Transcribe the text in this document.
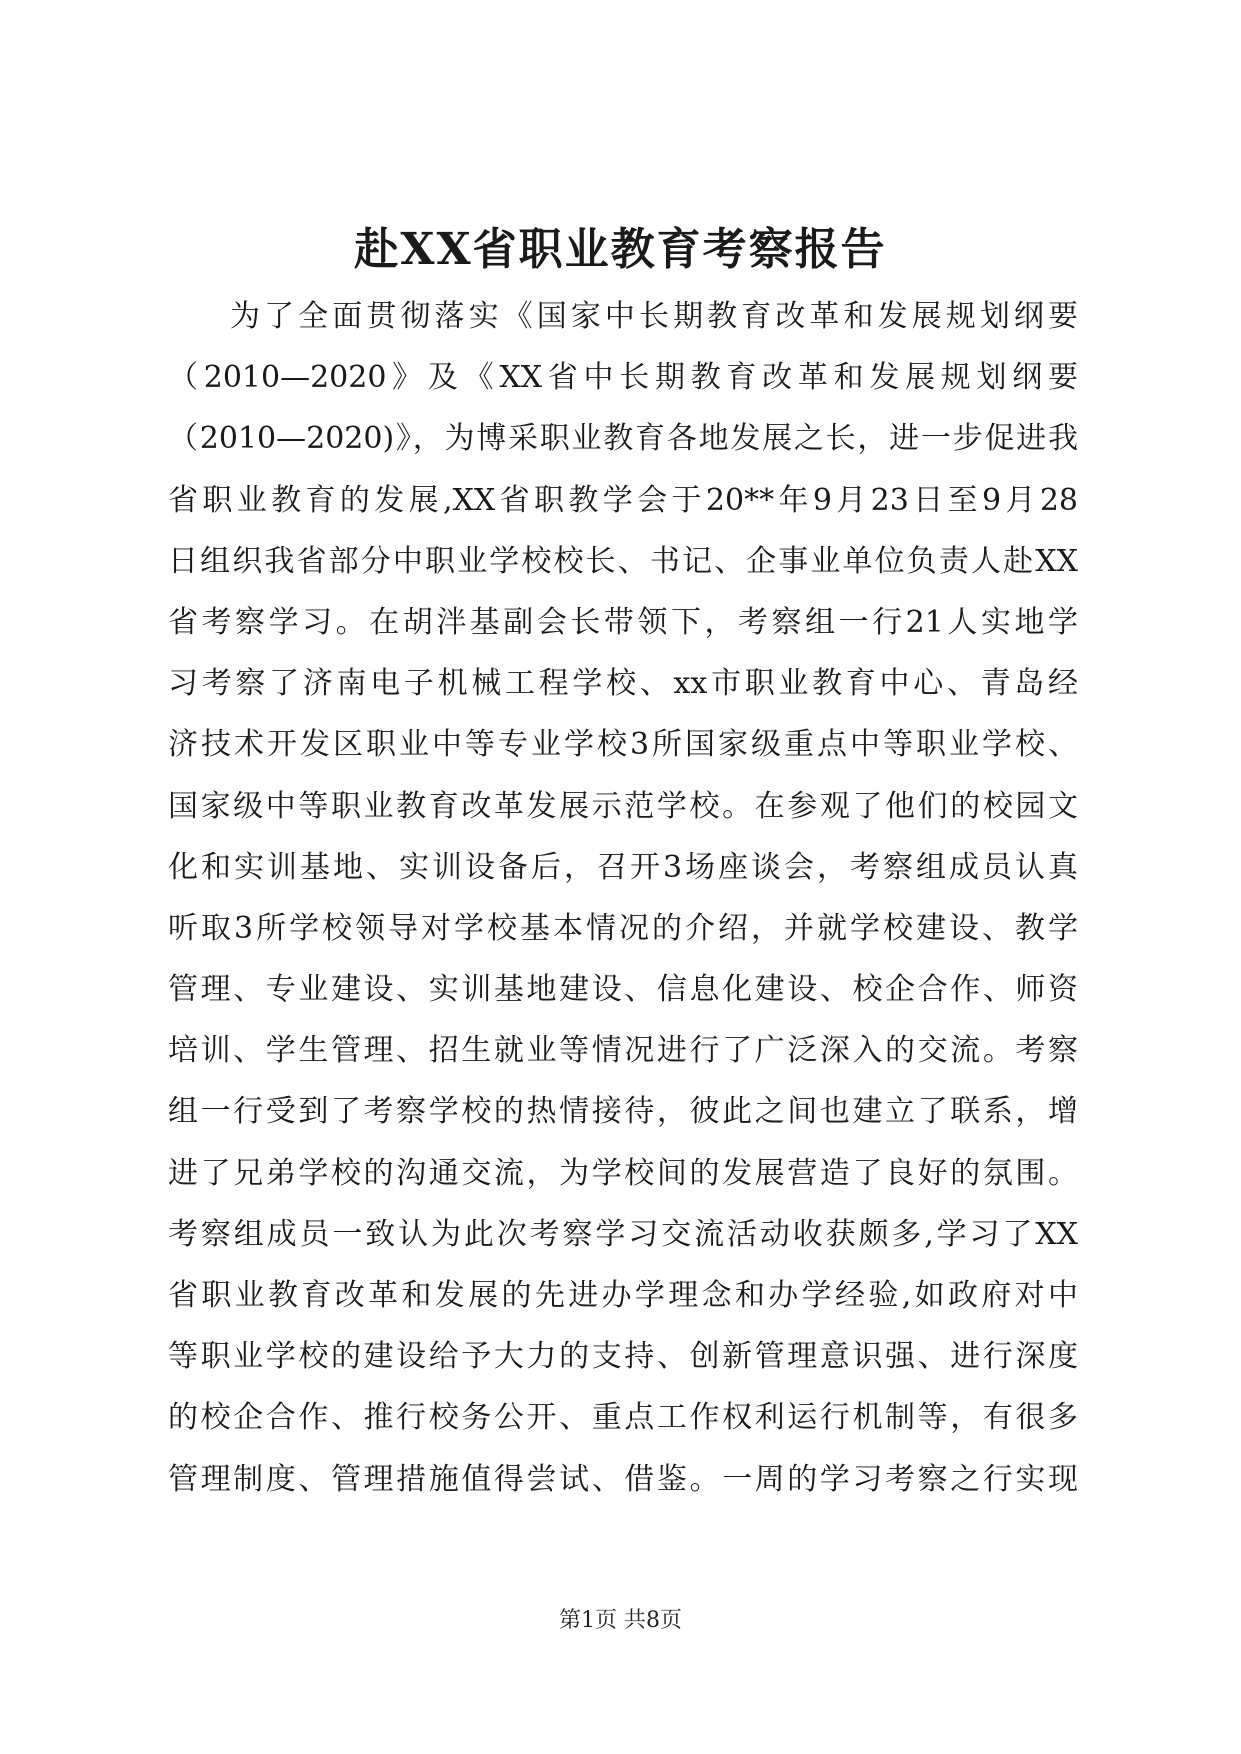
赴XX省职业教育考察报告
为了全面贯彻落实《国家中长期教育改革和发展规划纲要
（2010—2020》及《XX省中长期教育改革和发展规划纲要
（2010—2020)》，为博采职业教育各地发展之长，进一步促进我
省职业教育的发展,XX省职教学会于20**年9月23日至9月28
日组织我省部分中职业学校校长、书记、企事业单位负责人赴XX
省考察学习。在胡泮基副会长带领下，考察组一行21人实地学
习考察了济南电子机械工程学校、xx市职业教育中心、青岛经
济技术开发区职业中等专业学校3所国家级重点中等职业学校、
国家级中等职业教育改革发展示范学校。在参观了他们的校园文
化和实训基地、实训设备后，召开3场座谈会，考察组成员认真
听取3所学校领导对学校基本情况的介绍，并就学校建设、教学
管理、专业建设、实训基地建设、信息化建设、校企合作、师资
培训、学生管理、招生就业等情况进行了广泛深入的交流。考察
组一行受到了考察学校的热情接待，彼此之间也建立了联系，增
进了兄弟学校的沟通交流，为学校间的发展营造了良好的氛围。
考察组成员一致认为此次考察学习交流活动收获颇多,学习了XX
省职业教育改革和发展的先进办学理念和办学经验,如政府对中
等职业学校的建设给予大力的支持、创新管理意识强、进行深度
的校企合作、推行校务公开、重点工作权利运行机制等，有很多
管理制度、管理措施值得尝试、借鉴。一周的学习考察之行实现
第1页 共8页
